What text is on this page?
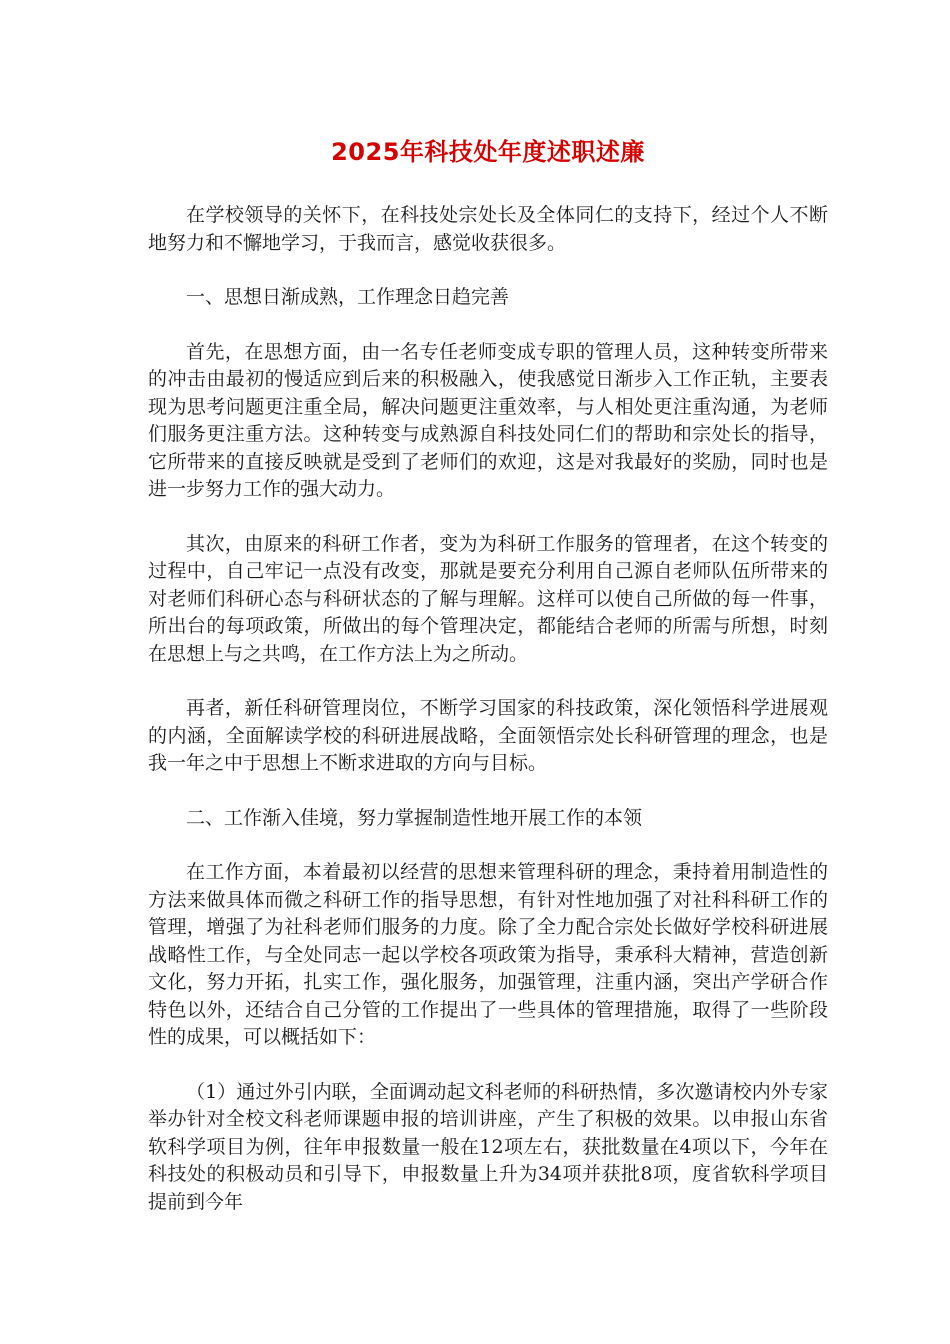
2025年科技处年度述职述廉

在学校领导的关怀下，在科技处宗处长及全体同仁的支持下，经过个人不断地努力和不懈地学习，于我而言，感觉收获很多。

一、思想日渐成熟，工作理念日趋完善

首先，在思想方面，由一名专任老师变成专职的管理人员，这种转变所带来的冲击由最初的慢适应到后来的积极融入，使我感觉日渐步入工作正轨，主要表现为思考问题更注重全局，解决问题更注重效率，与人相处更注重沟通，为老师们服务更注重方法。这种转变与成熟源自科技处同仁们的帮助和宗处长的指导，它所带来的直接反映就是受到了老师们的欢迎，这是对我最好的奖励，同时也是进一步努力工作的强大动力。

其次，由原来的科研工作者，变为为科研工作服务的管理者，在这个转变的过程中，自己牢记一点没有改变，那就是要充分利用自己源自老师队伍所带来的对老师们科研心态与科研状态的了解与理解。这样可以使自己所做的每一件事，所出台的每项政策，所做出的每个管理决定，都能结合老师的所需与所想，时刻在思想上与之共鸣，在工作方法上为之所动。

再者，新任科研管理岗位，不断学习国家的科技政策，深化领悟科学进展观的内涵，全面解读学校的科研进展战略，全面领悟宗处长科研管理的理念，也是我一年之中于思想上不断求进取的方向与目标。

二、工作渐入佳境，努力掌握制造性地开展工作的本领

在工作方面，本着最初以经营的思想来管理科研的理念，秉持着用制造性的方法来做具体而微之科研工作的指导思想，有针对性地加强了对社科科研工作的管理，增强了为社科老师们服务的力度。除了全力配合宗处长做好学校科研进展战略性工作，与全处同志一起以学校各项政策为指导，秉承科大精神，营造创新文化，努力开拓，扎实工作，强化服务，加强管理，注重内涵，突出产学研合作特色以外，还结合自己分管的工作提出了一些具体的管理措施，取得了一些阶段性的成果，可以概括如下：

（1）通过外引内联，全面调动起文科老师的科研热情，多次邀请校内外专家举办针对全校文科老师课题申报的培训讲座，产生了积极的效果。以申报山东省软科学项目为例，往年申报数量一般在12项左右，获批数量在4项以下，今年在科技处的积极动员和引导下，申报数量上升为34项并获批8项，度省软科学项目提前到今年
